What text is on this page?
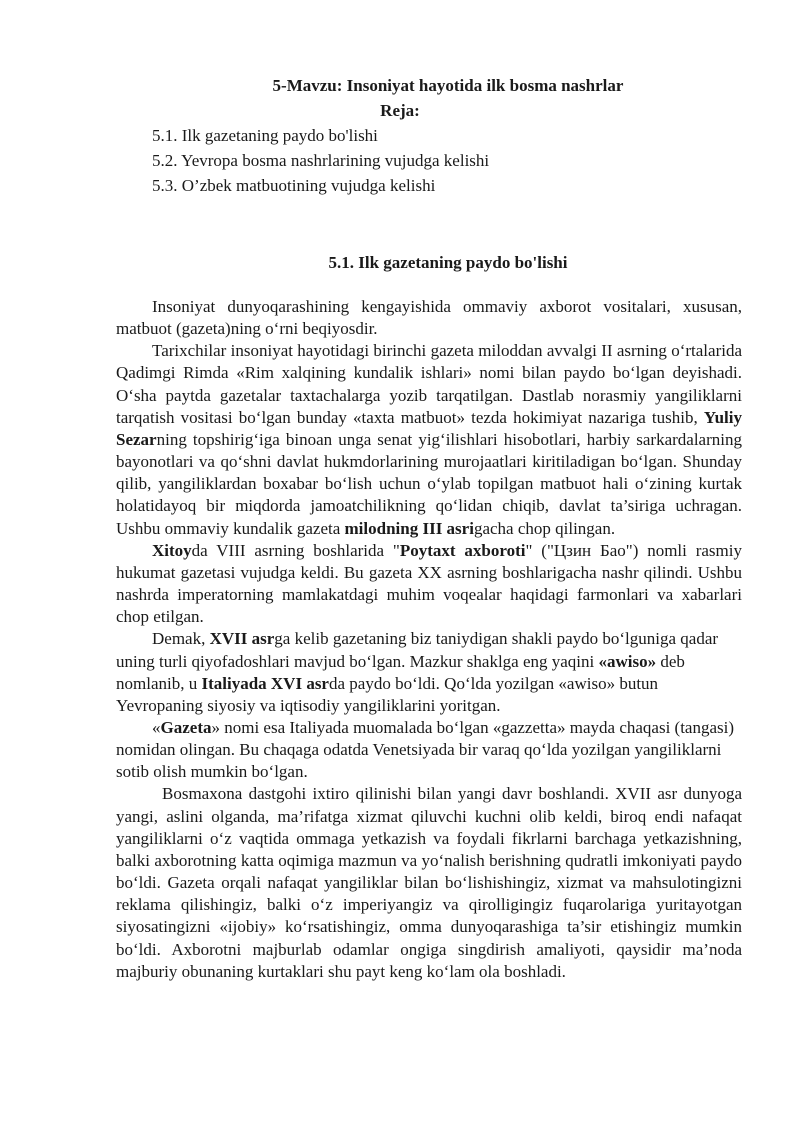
5-Mavzu: Insoniyat hayotida ilk bosma nashrlar
Reja:
5.1. Ilk gazetaning paydo bo'lishi
5.2. Yevropa bosma nashrlarining vujudga kelishi
5.3. O’zbek matbuotining vujudga kelishi
5.1. Ilk gazetaning paydo bo'lishi

Insoniyat dunyoqarashining kengayishida ommaviy axborot vositalari, xususan, matbuot (gazeta)ning o‘rni beqiyosdir.

Tarixchilar insoniyat hayotidagi birinchi gazeta miloddan avvalgi II asrning o‘rtalarida Qadimgi Rimda «Rim xalqining kundalik ishlari» nomi bilan paydo bo‘lgan deyishadi. O‘sha paytda gazetalar taxtachalarga yozib tarqatilgan. Dastlab norasmiy yangiliklarni tarqatish vositasi bo‘lgan bunday «taxta matbuot» tezda hokimiyat nazariga tushib, Yuliy Sezarning topshirig‘iga binoan unga senat yig‘ilishlari hisobotlari, harbiy sarkardalarning bayonotlari va qo‘shni davlat hukmdorlarining murojaatlari kiritiladigan bo‘lgan. Shunday qilib, yangiliklardan boxabar bo‘lish uchun o‘ylab topilgan matbuot hali o‘zining kurtak holatidayoq bir miqdorda jamoatchilikning qo‘lidan chiqib, davlat ta’siriga uchragan. Ushbu ommaviy kundalik gazeta milodning III asrigacha chop qilingan.

Xitoyda VIII asrning boshlarida "Poytaxt axboroti" ("Цзин Бао") nomli rasmiy hukumat gazetasi vujudga keldi. Bu gazeta XX asrning boshlarigacha nashr qilindi. Ushbu nashrda imperatorning mamlakatdagi muhim voqealar haqidagi farmonlari va xabarlari chop etilgan.

Demak, XVII asrga kelib gazetaning biz taniydigan shakli paydo bo‘lguniga qadar uning turli qiyofadoshlari mavjud bo‘lgan. Mazkur shaklga eng yaqini «awiso» deb nomlanib, u Italiyada XVI asrda paydo bo‘ldi. Qo‘lda yozilgan «awiso» butun Yevropaning siyosiy va iqtisodiy yangiliklarini yoritgan.

«Gazeta» nomi esa Italiyada muomalada bo‘lgan «gazzetta» mayda chaqasi (tangasi) nomidan olingan. Bu chaqaga odatda Venetsiyada bir varaq qo‘lda yozilgan yangiliklarni sotib olish mumkin bo‘lgan.

Bosmaxona dastgohi ixtiro qilinishi bilan yangi davr boshlandi. XVII asr dunyoga yangi, aslini olganda, ma’rifatga xizmat qiluvchi kuchni olib keldi, biroq endi nafaqat yangiliklarni o‘z vaqtida ommaga yetkazish va foydali fikrlarni barchaga yetkazishning, balki axborotning katta oqimiga mazmun va yo‘nalish berishning qudratli imkoniyati paydo bo‘ldi. Gazeta orqali nafaqat yangiliklar bilan bo‘lishishingiz, xizmat va mahsulotingizni reklama qilishingiz, balki o‘z imperiyangiz va qirolligingiz fuqarolariga yuritayotgan siyosatingizni «ijobiy» ko‘rsatishingiz, omma dunyoqarashiga ta’sir etishingiz mumkin bo‘ldi. Axborotni majburlab odamlar ongiga singdirish amaliyoti, qaysidir ma’noda majburiy obunaning kurtaklari shu payt keng ko‘lam ola boshladi.
